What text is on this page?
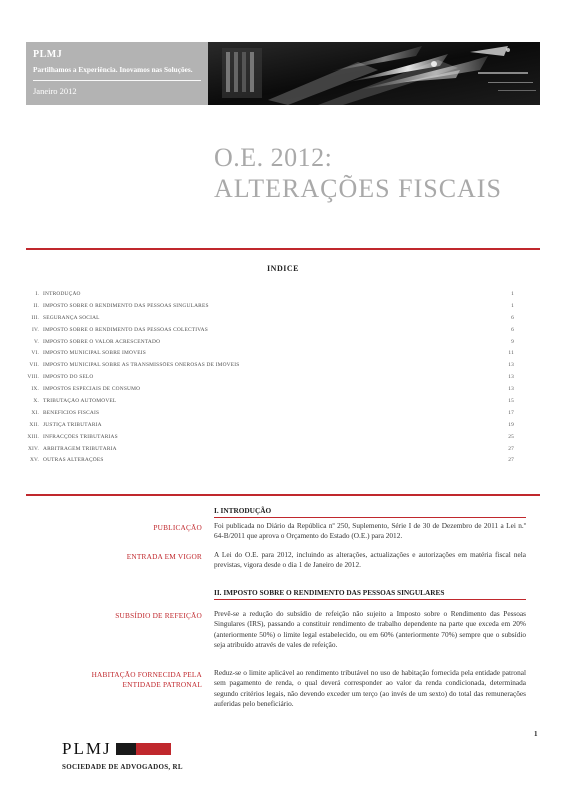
PLMJ
Partilhamos a Experiência. Inovamos nas Soluções.
Janeiro 2012
O.E. 2012:
ALTERAÇÕES FISCAIS
INDICE
I. INTRODUÇÃO	1
II. IMPOSTO SOBRE O RENDIMENTO DAS PESSOAS SINGULARES	1
III. SEGURANÇA SOCIAL	6
IV. IMPOSTO SOBRE O RENDIMENTO DAS PESSOAS COLECTIVAS	6
V. IMPOSTO SOBRE O VALOR ACRESCENTADO	9
VI. IMPOSTO MUNICIPAL SOBRE IMÓVEIS	11
VII. IMPOSTO MUNICIPAL SOBRE AS TRANSMISSÕES ONEROSAS DE IMÓVEIS	13
VIII. IMPOSTO DO SELO	13
IX. IMPOSTOS ESPECIAIS DE CONSUMO	13
X. TRIBUTAÇÃO AUTOMÓVEL	15
XI. BENEFÍCIOS FISCAIS	17
XII. JUSTIÇA TRIBUTÁRIA	19
XIII. INFRACÇÕES TRIBUTÁRIAS	25
XIV. ARBITRAGEM TRIBUTÁRIA	27
XV. OUTRAS ALTERAÇÕES	27
I. INTRODUÇÃO
PUBLICAÇÃO Foi publicada no Diário da República nº 250, Suplemento, Série I de 30 de Dezembro de 2011 a Lei n.º 64-B/2011 que aprova o Orçamento do Estado (O.E.) para 2012.
ENTRADA EM VIGOR A Lei do O.E. para 2012, incluindo as alterações, actualizações e autorizações em matéria fiscal nela previstas, vigora desde o dia 1 de Janeiro de 2012.
II. IMPOSTO SOBRE O RENDIMENTO DAS PESSOAS SINGULARES
SUBSÍDIO DE REFEIÇÃO Prevê-se a redução do subsídio de refeição não sujeito a Imposto sobre o Rendimento das Pessoas Singulares (IRS), passando a constituir rendimento de trabalho dependente na parte que exceda em 20% (anteriormente 50%) o limite legal estabelecido, ou em 60% (anteriormente 70%) sempre que o subsídio seja atribuído através de vales de refeição.
HABITAÇÃO FORNECIDA PELA
ENTIDADE PATRONAL
Reduz-se o limite aplicável ao rendimento tributável no uso de habitação fornecida pela entidade patronal sem pagamento de renda, o qual deverá corresponder ao valor da renda condicionada, determinada segundo critérios legais, não devendo exceder um terço (ao invés de um sexto) do total das remunerações auferidas pelo beneficiário.
1
PLMJ
SOCIEDADE DE ADVOGADOS, RL
